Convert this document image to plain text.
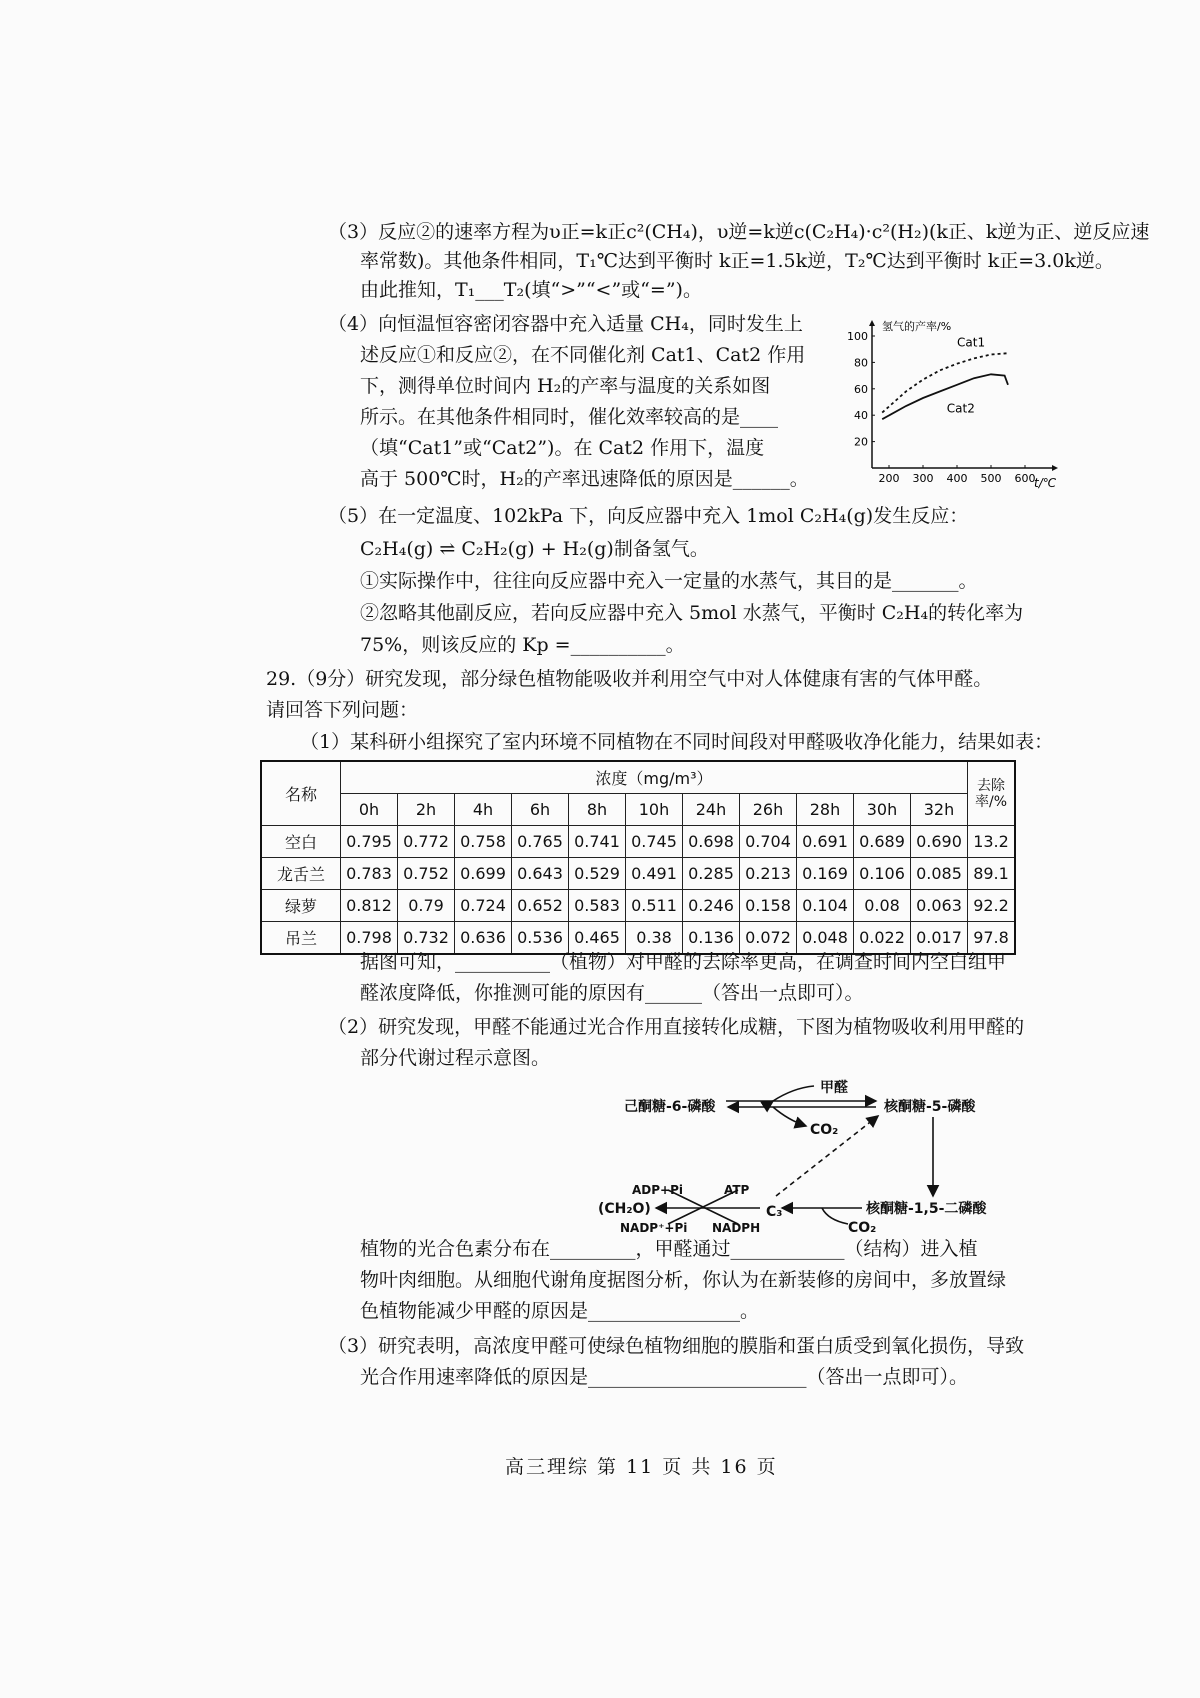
（3）反应②的速率方程为υ正=k正c²(CH₄)，υ逆=k逆c(C₂H₄)·c²(H₂)(k正、k逆为正、逆反应速
率常数)。其他条件相同，T₁℃达到平衡时 k正=1.5k逆，T₂℃达到平衡时 k正=3.0k逆。
由此推知，T₁___T₂(填“>”“<”或“=”)。
（4）向恒温恒容密闭容器中充入适量 CH₄，同时发生上
述反应①和反应②，在不同催化剂 Cat1、Cat2 作用
下，测得单位时间内 H₂的产率与温度的关系如图
所示。在其他条件相同时，催化效率较高的是____
（填“Cat1”或“Cat2”)。在 Cat2 作用下，温度
高于 500℃时，H₂的产率迅速降低的原因是______。	200 300 400 500 600
20
40
60
80
100	Cat1
Cat2
氢气的产率/%
t/℃
（5）在一定温度、102kPa 下，向反应器中充入 1mol C₂H₄(g)发生反应：
C₂H₄(g) ⇌ C₂H₂(g) + H₂(g)制备氢气。
①实际操作中，往往向反应器中充入一定量的水蒸气，其目的是_______。
②忽略其他副反应，若向反应器中充入 5mol 水蒸气，平衡时 C₂H₄的转化率为
75%，则该反应的 Kp =__________。
29.（9分）研究发现，部分绿色植物能吸收并利用空气中对人体健康有害的气体甲醛。
请回答下列问题：
（1）某科研小组探究了室内环境不同植物在不同时间段对甲醛吸收净化能力，结果如表：
名称	浓度（mg/m³）											去除率/%
	0h	2h	4h	6h	8h	10h	24h	26h	28h	30h	32h	
空白	0.795	0.772	0.758	0.765	0.741	0.745	0.698	0.704	0.691	0.689	0.690	13.2
龙舌兰	0.783	0.752	0.699	0.643	0.529	0.491	0.285	0.213	0.169	0.106	0.085	89.1
绿萝	0.812	0.79	0.724	0.652	0.583	0.511	0.246	0.158	0.104	0.08	0.063	92.2
吊兰	0.798	0.732	0.636	0.536	0.465	0.38	0.136	0.072	0.048	0.022	0.017	97.8
据图可知，__________（植物）对甲醛的去除率更高，在调查时间内空白组甲
醛浓度降低，你推测可能的原因有______（答出一点即可）。
（2）研究发现，甲醛不能通过光合作用直接转化成糖，下图为植物吸收利用甲醛的
部分代谢过程示意图。
己酮糖-6-磷酸
甲醛
CO₂
核酮糖-5-磷酸
ADP+Pi	ATP
(CH₂O)	C₃
NADP⁺+Pi NADPH
核酮糖-1,5-二磷酸
CO₂
植物的光合色素分布在_________，甲醛通过____________（结构）进入植
物叶肉细胞。从细胞代谢角度据图分析，你认为在新装修的房间中，多放置绿
色植物能减少甲醛的原因是________________。
（3）研究表明，高浓度甲醛可使绿色植物细胞的膜脂和蛋白质受到氧化损伤，导致
光合作用速率降低的原因是_______________________（答出一点即可）。
高三理综 第 11 页 共 16 页
